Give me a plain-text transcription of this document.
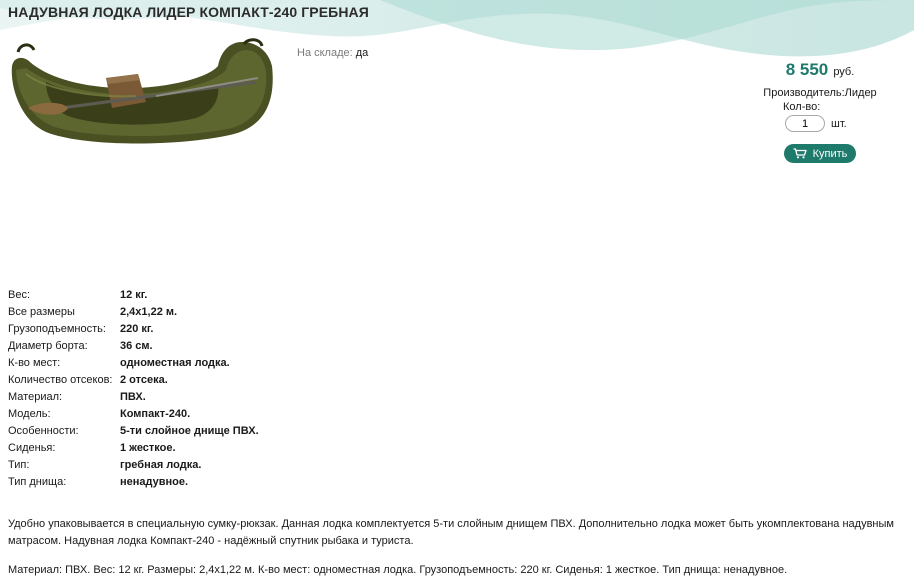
НАДУВНАЯ ЛОДКА ЛИДЕР КОМПАКТ-240 ГРЕБНАЯ
На складе: да
8 550 руб.
Производитель:Лидер
Кол-во:
1
шт.
Купить
Вес:	12 кг.
Все размеры	2,4х1,22 м.
Грузоподъемность:	220 кг.
Диаметр борта:	36 см.
К-во мест:	одноместная лодка.
Количество отсеков:	2 отсека.
Материал:	ПВХ.
Модель:	Компакт-240.
Особенности:	5-ти слойное днище ПВХ.
Сиденья:	1 жесткое.
Тип:	гребная лодка.
Тип днища:	ненадувное.

Удобно упаковывается в специальную сумку-рюкзак. Данная лодка комплектуется 5-ти слойным днищем ПВХ. Дополнительно лодка может быть укомплектована надувным матрасом. Надувная лодка Компакт-240 - надёжный спутник рыбака и туриста.

Материал: ПВХ. Вес: 12 кг. Размеры: 2,4х1,22 м. К-во мест: одноместная лодка. Грузоподъемность: 220 кг. Сиденья: 1 жесткое. Тип днища: ненадувное.
